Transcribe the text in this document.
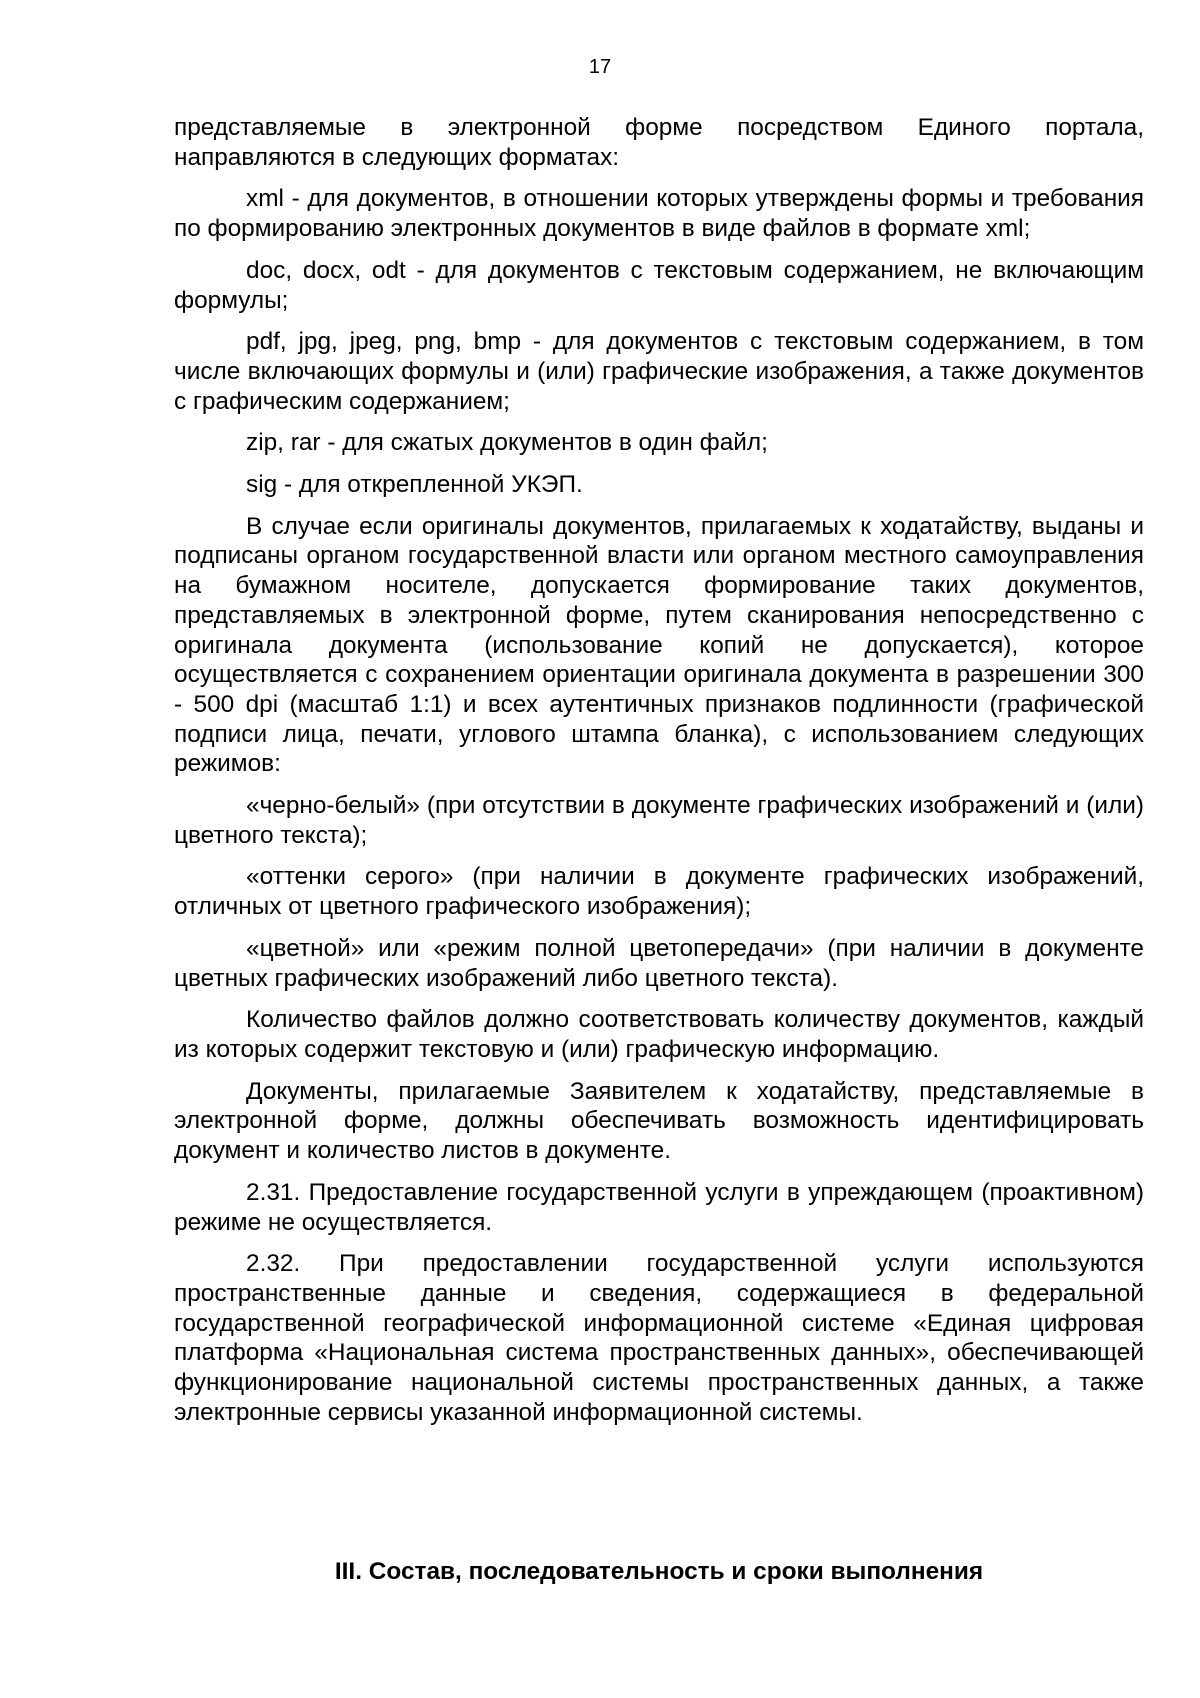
17

представляемые в электронной форме посредством Единого портала, направляются в следующих форматах:

xml - для документов, в отношении которых утверждены формы и требования по формированию электронных документов в виде файлов в формате xml;

doc, docx, odt - для документов с текстовым содержанием, не включающим формулы;

pdf, jpg, jpeg, png, bmp - для документов с текстовым содержанием, в том числе включающих формулы и (или) графические изображения, а также документов с графическим содержанием;

zip, rar - для сжатых документов в один файл;

sig - для открепленной УКЭП.

В случае если оригиналы документов, прилагаемых к ходатайству, выданы и подписаны органом государственной власти или органом местного самоуправления на бумажном носителе, допускается формирование таких документов, представляемых в электронной форме, путем сканирования непосредственно с оригинала документа (использование копий не допускается), которое осуществляется с сохранением ориентации оригинала документа в разрешении 300 - 500 dpi (масштаб 1:1) и всех аутентичных признаков подлинности (графической подписи лица, печати, углового штампа бланка), с использованием следующих режимов:

«черно-белый» (при отсутствии в документе графических изображений и (или) цветного текста);

«оттенки серого» (при наличии в документе графических изображений, отличных от цветного графического изображения);

«цветной» или «режим полной цветопередачи» (при наличии в документе цветных графических изображений либо цветного текста).

Количество файлов должно соответствовать количеству документов, каждый из которых содержит текстовую и (или) графическую информацию.

Документы, прилагаемые Заявителем к ходатайству, представляемые в электронной форме, должны обеспечивать возможность идентифицировать документ и количество листов в документе.

2.31. Предоставление государственной услуги в упреждающем (проактивном) режиме не осуществляется.

2.32. При предоставлении государственной услуги используются пространственные данные и сведения, содержащиеся в федеральной государственной географической информационной системе «Единая цифровая платформа «Национальная система пространственных данных», обеспечивающей функционирование национальной системы пространственных данных, а также электронные сервисы указанной информационной системы.

III. Состав, последовательность и сроки выполнения
